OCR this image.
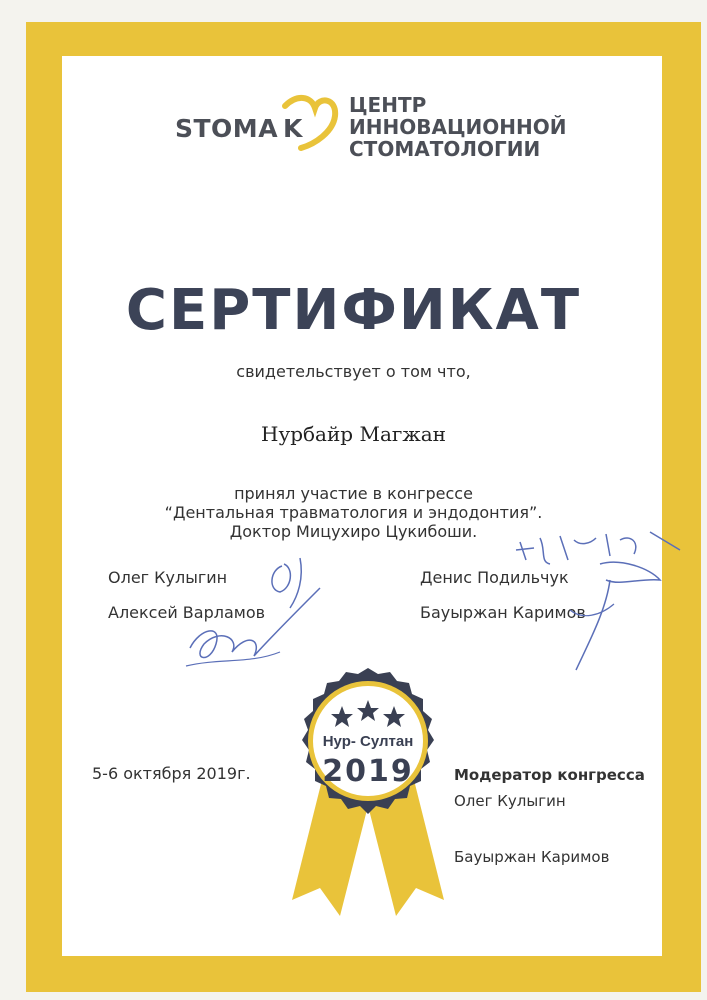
STOMA K
ЦЕНТР
ИННОВАЦИОННОЙ
СТОМАТОЛОГИИ
СЕРТИФИКАТ
свидетельствует о том что,
Нурбайр Магжан
принял участие в конгрессе
“Дентальная травматология и эндодонтия”.
Доктор Мицухиро Цукибоши.
Олег Кулыгин
Алексей Варламов
Денис Подильчук
Бауыржан Каримов
5-6 октября 2019г.	Модератор конгресса
Олег Кулыгин
Бауыржан Каримов
Нур- Султан
2019
